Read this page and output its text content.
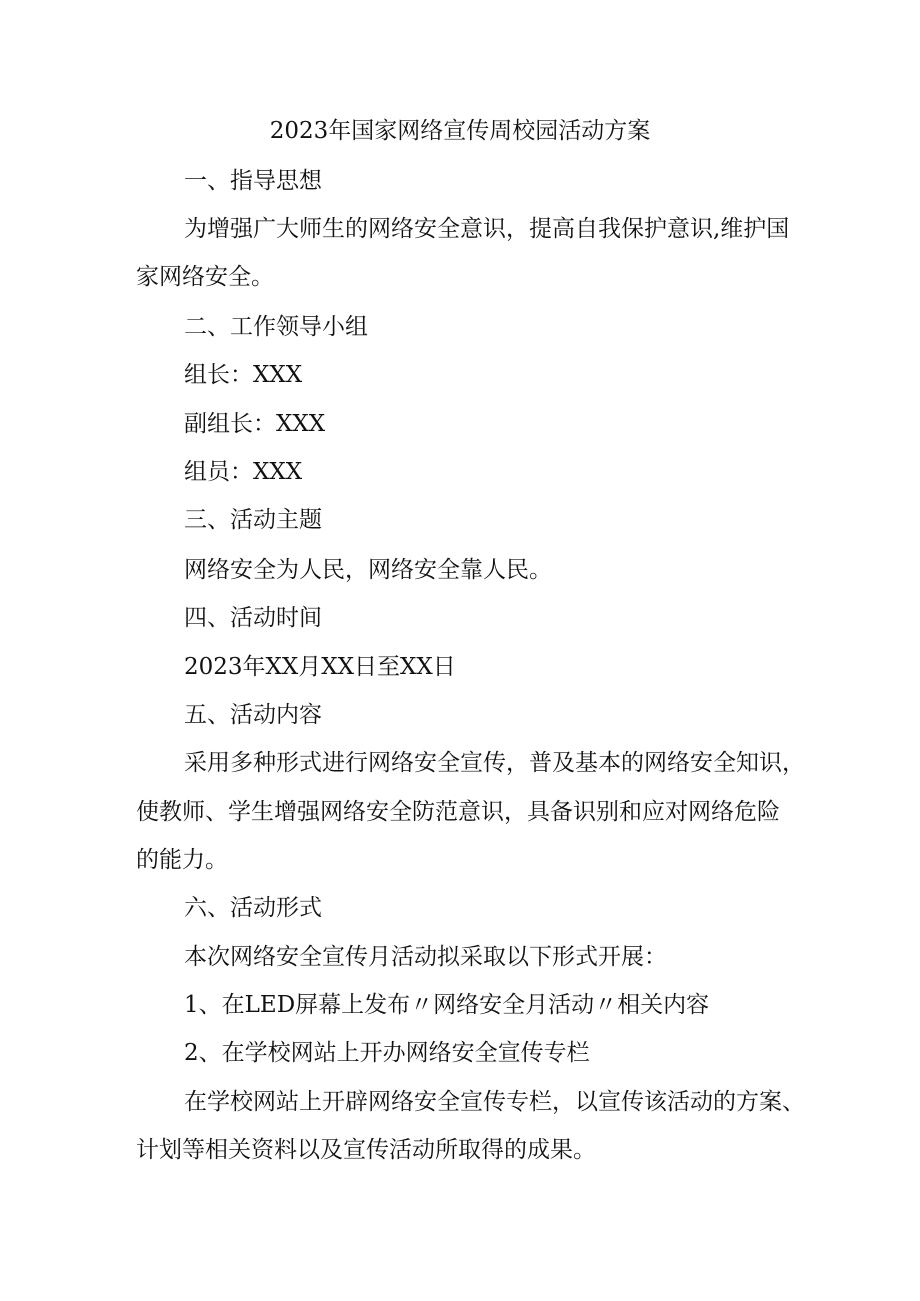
2023年国家网络宣传周校园活动方案
一、指导思想
为增强广大师生的网络安全意识，提高自我保护意识,维护国
家网络安全。
二、工作领导小组
组长：XXX
副组长：XXX
组员：XXX
三、活动主题
网络安全为人民，网络安全靠人民。
四、活动时间
2023年XX月XX日至XX日
五、活动内容
采用多种形式进行网络安全宣传，普及基本的网络安全知识，
使教师、学生增强网络安全防范意识，具备识别和应对网络危险
的能力。
六、活动形式
本次网络安全宣传月活动拟采取以下形式开展：
1、在LED屏幕上发布〃网络安全月活动〃相关内容
2、在学校网站上开办网络安全宣传专栏
在学校网站上开辟网络安全宣传专栏，以宣传该活动的方案、
计划等相关资料以及宣传活动所取得的成果。
